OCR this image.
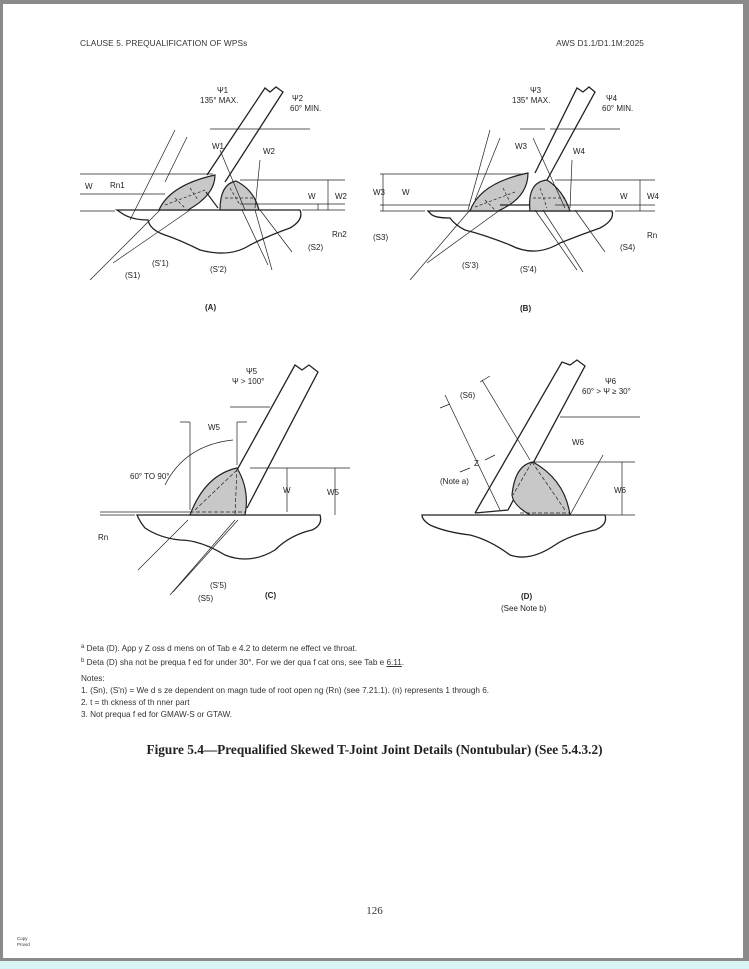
CLAUSE 5. PREQUALIFICATION OF WPSs	AWS D1.1/D1.1M:2025
Ψ1
135° MAX.	Ψ2
60° MIN.
W1
W2
W Rn1
W W2
Rn2
(S2)
(S'1)
(S'2)
(S1)
(A)
Ψ3
135° MAX.	Ψ4
60° MIN.
W3
W4
W3 W	W W4
Rn
(S3)
(S4)
(S'3)	(S'4)
(B)
Ψ5
Ψ > 100°
W5
60° TO 90°
W	W5
Rn
(S'5)
(S5)	(C)
(S6)
Ψ6
60° > Ψ ≥ 30°
W6
Z
(Note a)
W6
(D)
(See Note b)
$^a$ Deta (D). App y Z oss d mens on of Tab e 4.2 to determ ne effect ve throat.
$^b$ Deta (D) sha not be prequa f ed for under 30°. For we der qua f cat ons, see Tab e 6.11.
Notes:
1. (Sn), (S'n) = We d s ze dependent on magn tude of root open ng (Rn) (see 7.21.1). (n) represents 1 through 6.
2. t = th ckness of th nner part
3. Not prequa f ed for GMAW-S or GTAW.
Figure 5.4—Prequalified Skewed T-Joint Joint Details (Nontubular) (See 5.4.3.2)
126
Copy
Provid
